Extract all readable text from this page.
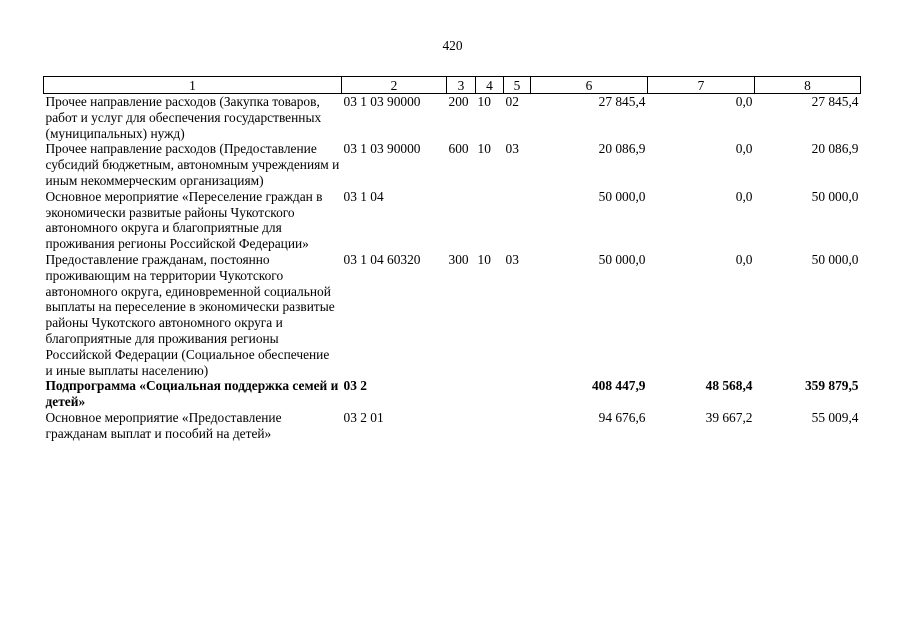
420
1	2	3	4	5	6	7	8
Прочее направление расходов (Закупка товаров, работ и услуг для обеспечения государственных (муниципальных) нужд)	03 1 03 90000	200	10	02	27 845,4	0,0	27 845,4
Прочее направление расходов (Предоставление субсидий бюджетным, автономным учреждениям и иным некоммерческим организациям)	03 1 03 90000	600	10	03	20 086,9	0,0	20 086,9
Основное мероприятие «Переселение граждан в экономически развитые районы Чукотского автономного округа и благоприятные для проживания регионы Российской Федерации»	03 1 04				50 000,0	0,0	50 000,0
Предоставление гражданам, постоянно проживающим на территории Чукотского автономного округа, единовременной социальной выплаты на переселение в экономически развитые районы Чукотского автономного округа и благоприятные для проживания регионы Российской Федерации (Социальное обеспечение и иные выплаты населению)	03 1 04 60320	300	10	03	50 000,0	0,0	50 000,0
Подпрограмма «Социальная поддержка семей и детей»	03 2				408 447,9	48 568,4	359 879,5
Основное мероприятие «Предоставление гражданам выплат и пособий на детей»	03 2 01				94 676,6	39 667,2	55 009,4
